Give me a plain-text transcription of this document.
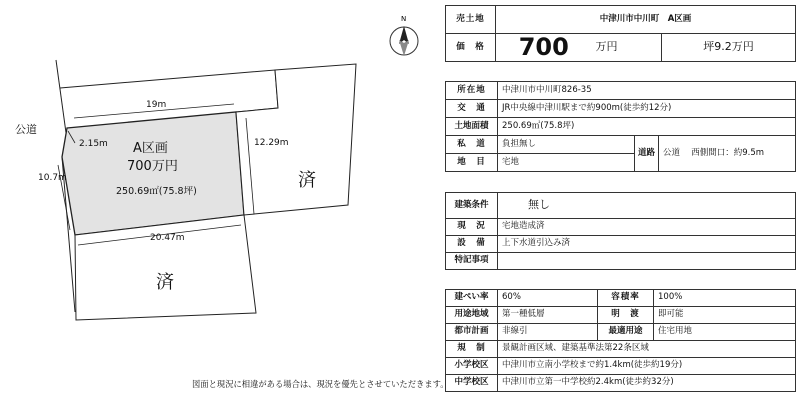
公道
19m
12.29m
10.7m
2.15m
20.47m
A区画
700万円
250.69㎡(75.8坪)
済
済
N
図面と現況に相違がある場合は、現況を優先とさせていただきます。
売土地	中津川市中川町　A区画		
価　格	700	万円	坪9.2万円
所在地	中津川市中川町826-35		
交　通	JR中央線中津川駅まで約900m(徒歩約12分)		
土地面積	250.69㎡(75.8坪)		
私　道	負担無し	道路	公道　 西側間口：約9.5m
地　目	宅地		
建築条件	無し
現　況	宅地造成済
設　備	上下水道引込み済
特記事項	
建ぺい率	60%	容積率	100%
用途地域	第一種低層	明　渡	即可能
都市計画	非線引	最適用途	住宅用地
規　制	景観計画区域、建築基準法第22条区域		
小学校区	中津川市立南小学校まで約1.4km(徒歩約19分)		
中学校区	中津川市立第一中学校約2.4km(徒歩約32分)		
